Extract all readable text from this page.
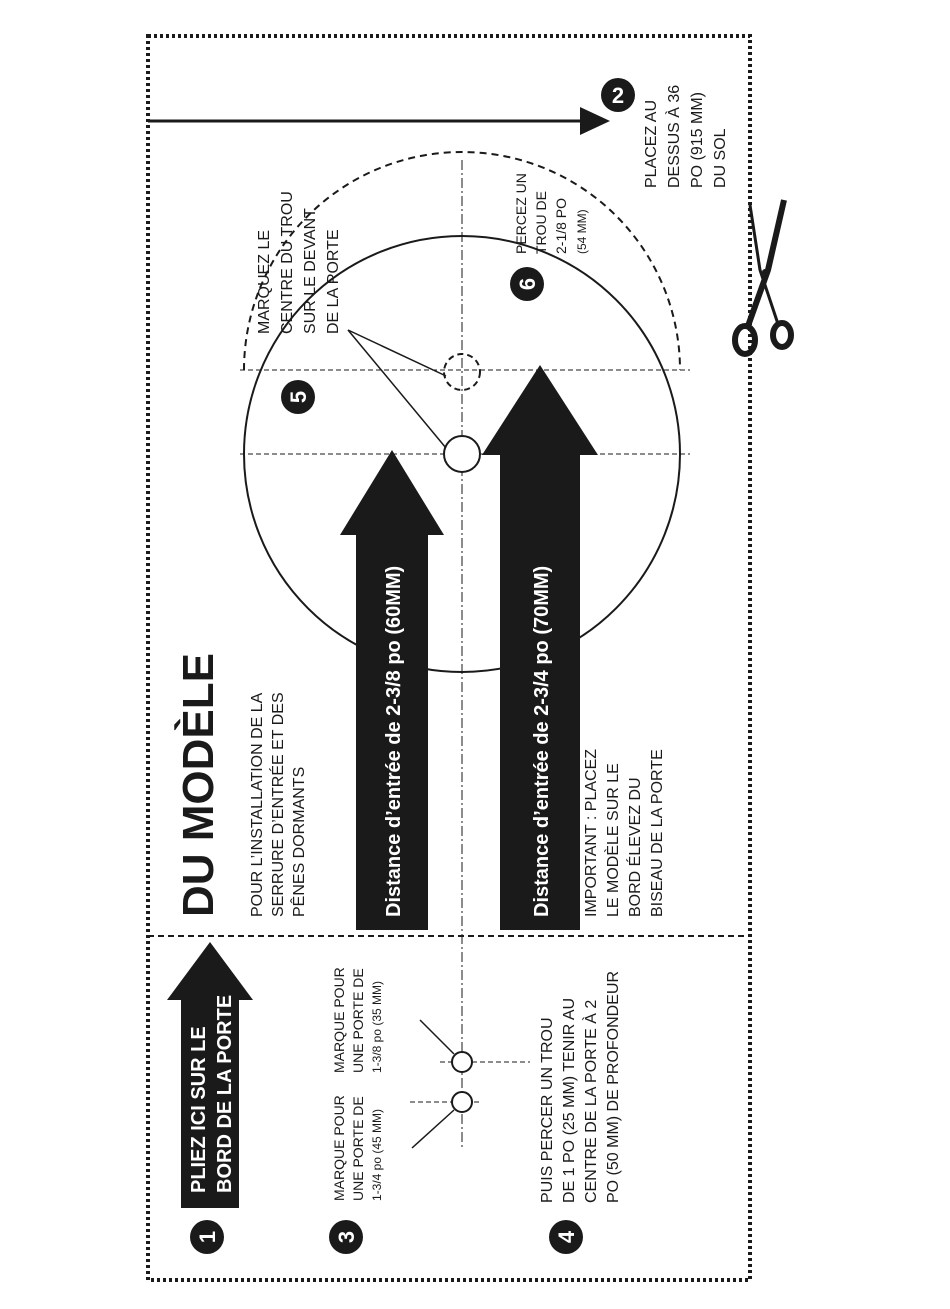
2
1
PLIEZ ICI SUR LE BORD DE LA PORTE
DU MODÈLE POUR L’INSTALLATION DE LA SERRURE D’ENTRÉE ET DES PÊNES DORMANTS	Distance d’entrée de 2-3/8 po (60MM)	Distance d’entrée de 2-3/4 po (70MM) IMPORTANT : PLACEZ LE MODÈLE SUR LE BORD ÉLEVEZ DU BISEAU DE LA PORTE
3
MARQUE POUR UNE PORTE DE 1-3/4 po (45 MM)
MARQUE POUR UNE PORTE DE 1-3/8 po (35 MM)
4
PUIS PERCER UN TROU DE 1 PO (25 MM) TENIR AU CENTRE DE LA PORTE À 2 PO (50 MM) DE PROFONDEUR
5
MARQUEZ LE CENTRE DU TROU SUR LE DEVANT DE LA PORTE	6
PERCEZ UN TROU DE 2-1/8 PO (54 MM)
PLACEZ AU DESSUS À 36 PO (915 MM) DU SOL
